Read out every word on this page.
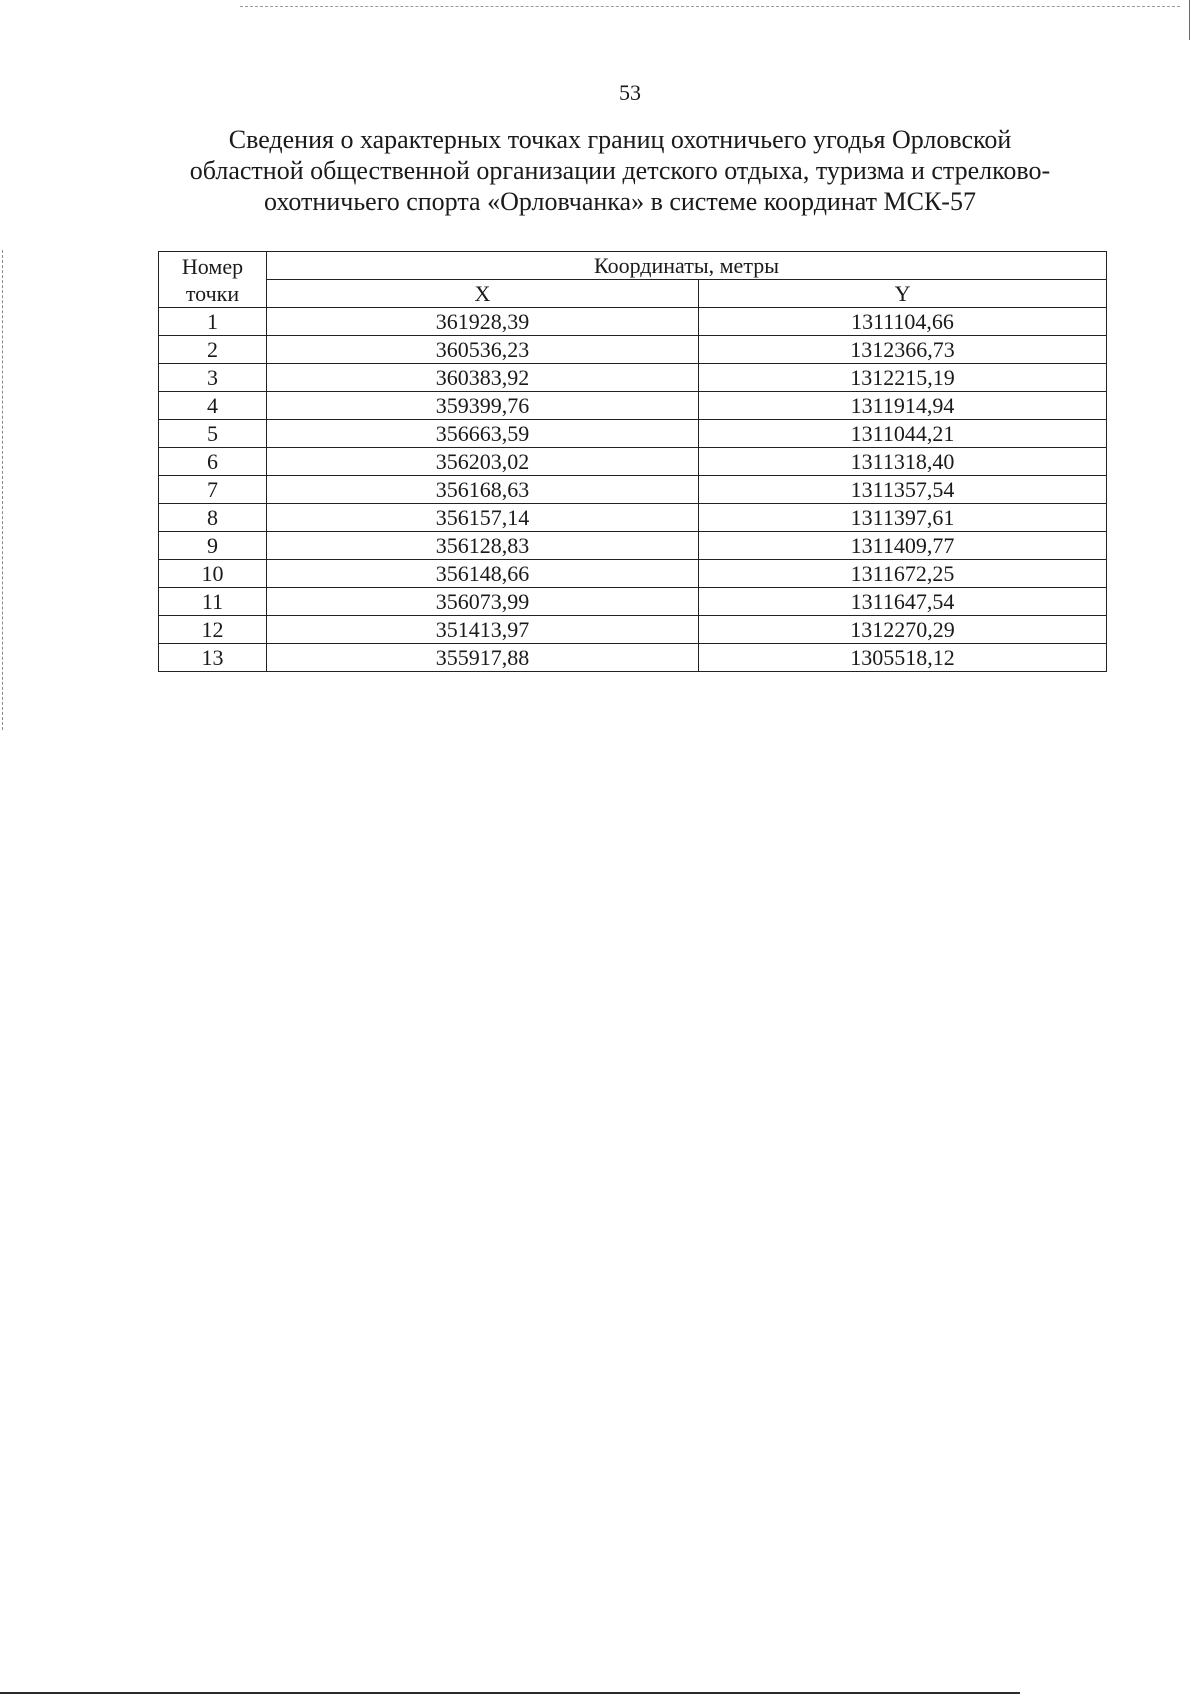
53
Сведения о характерных точках границ охотничьего угодья Орловской
областной общественной организации детского отдыха, туризма и стрелково-
охотничьего спорта «Орловчанка» в системе координат МСК-57
Номер
точки	Координаты, метры	
	X	Y
1	361928,39	1311104,66
2	360536,23	1312366,73
3	360383,92	1312215,19
4	359399,76	1311914,94
5	356663,59	1311044,21
6	356203,02	1311318,40
7	356168,63	1311357,54
8	356157,14	1311397,61
9	356128,83	1311409,77
10	356148,66	1311672,25
11	356073,99	1311647,54
12	351413,97	1312270,29
13	355917,88	1305518,12
